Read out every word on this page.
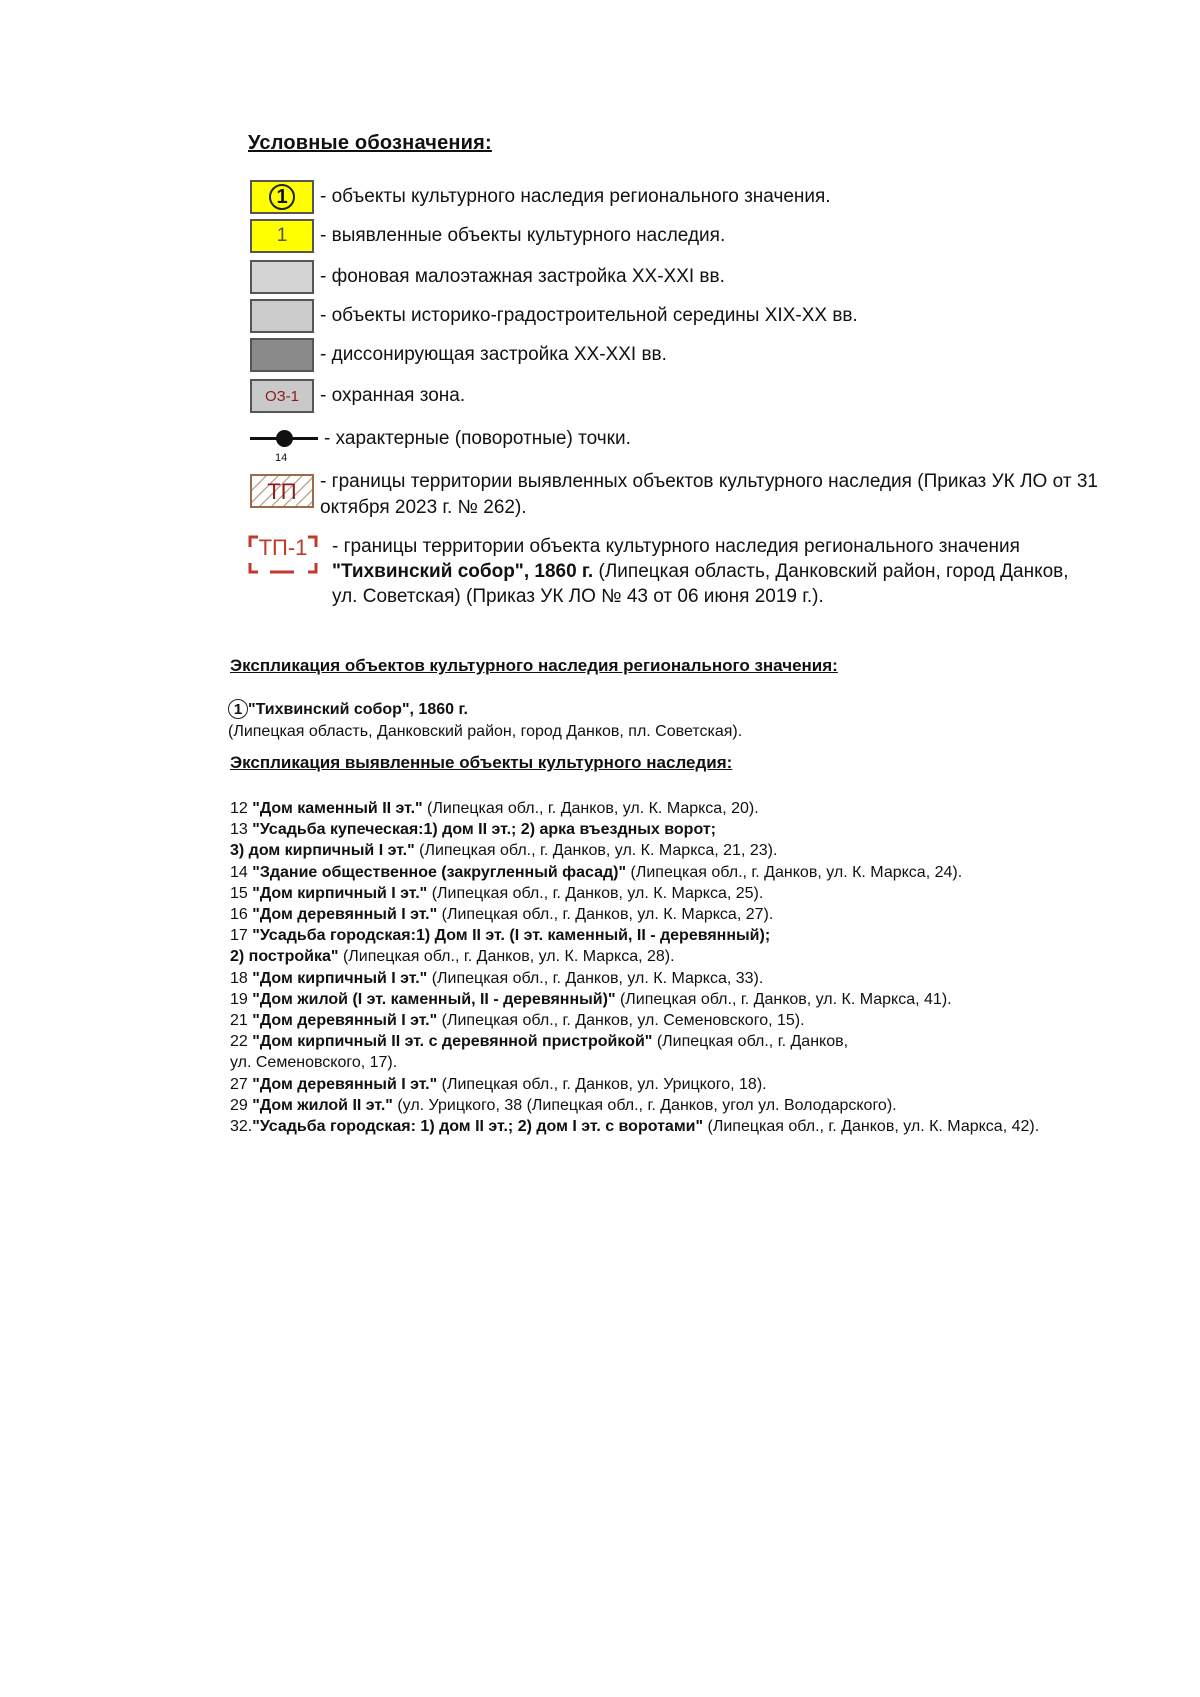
Условные обозначения:
1	- объекты культурного наследия регионального значения.
1 - выявленные объекты культурного наследия.
- фоновая малоэтажная застройка XX-XXI вв.
- объекты историко-градостроительной середины XIX-XX вв.
- диссонирующая застройка XX-XXI вв.
ОЗ-1	- охранная зона.
- характерные (поворотные) точки.
14
ТП	- границы территории выявленных объектов культурного наследия (Приказ УК ЛО от 31 октября 2023 г. № 262).
ТП-1 - границы территории объекта культурного наследия регионального значения "Тихвинский собор", 1860 г. (Липецкая область, Данковский район, город Данков, ул. Советская) (Приказ УК ЛО № 43 от 06 июня 2019 г.).
Экспликация объектов культурного наследия регионального значения:
1 "Тихвинский собор", 1860 г.
(Липецкая область, Данковский район, город Данков, пл. Советская).
Экспликация выявленные объекты культурного наследия:
12 "Дом каменный II эт." (Липецкая обл., г. Данков, ул. К. Маркса, 20).
13 "Усадьба купеческая:1) дом II эт.; 2) арка въездных ворот;
3) дом кирпичный I эт." (Липецкая обл., г. Данков, ул. К. Маркса, 21, 23).
14 "Здание общественное (закругленный фасад)" (Липецкая обл., г. Данков, ул. К. Маркса, 24).
15 "Дом кирпичный I эт." (Липецкая обл., г. Данков, ул. К. Маркса, 25).
16 "Дом деревянный I эт." (Липецкая обл., г. Данков, ул. К. Маркса, 27).
17 "Усадьба городская:1) Дом II эт. (I эт. каменный, II - деревянный);
2) постройка" (Липецкая обл., г. Данков, ул. К. Маркса, 28).
18 "Дом кирпичный I эт." (Липецкая обл., г. Данков, ул. К. Маркса, 33).
19 "Дом жилой (I эт. каменный, II - деревянный)" (Липецкая обл., г. Данков, ул. К. Маркса, 41).
21 "Дом деревянный I эт." (Липецкая обл., г. Данков, ул. Семеновского, 15).
22 "Дом кирпичный II эт. с деревянной пристройкой" (Липецкая обл., г. Данков,
ул. Семеновского, 17).
27 "Дом деревянный I эт." (Липецкая обл., г. Данков, ул. Урицкого, 18).
29 "Дом жилой II эт." (ул. Урицкого, 38 (Липецкая обл., г. Данков, угол ул. Володарского).
32."Усадьба городская: 1) дом II эт.; 2) дом I эт. с воротами" (Липецкая обл., г. Данков, ул. К. Маркса, 42).
